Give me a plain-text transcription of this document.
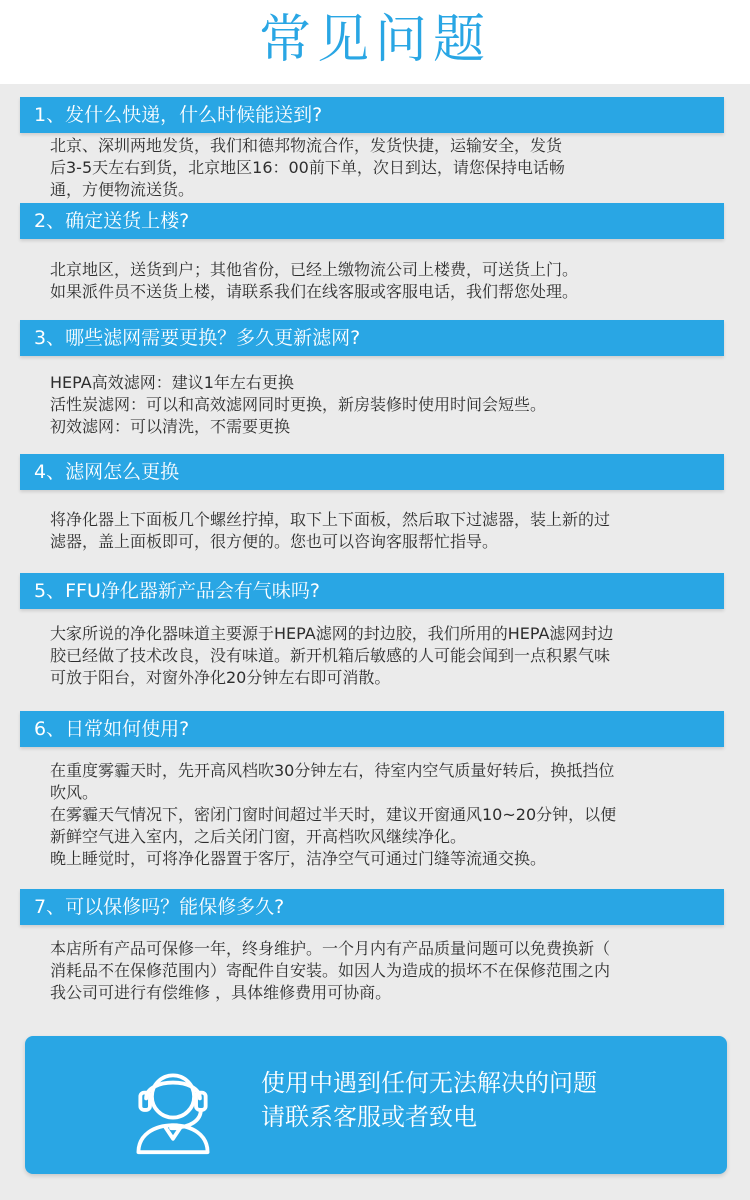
常见问题
1、发什么快递，什么时候能送到?

北京、深圳两地发货，我们和德邦物流合作，发货快捷，运输安全，发货

后3-5天左右到货，北京地区16：00前下单，次日到达，请您保持电话畅

通，方便物流送货。

2、确定送货上楼?

北京地区，送货到户；其他省份，已经上缴物流公司上楼费，可送货上门。

如果派件员不送货上楼，请联系我们在线客服或客服电话，我们帮您处理。

3、哪些滤网需要更换？多久更新滤网?

HEPA高效滤网：建议1年左右更换

活性炭滤网：可以和高效滤网同时更换，新房装修时使用时间会短些。

初效滤网：可以清洗，不需要更换

4、滤网怎么更换

将净化器上下面板几个螺丝拧掉，取下上下面板，然后取下过滤器，装上新的过

滤器，盖上面板即可，很方便的。您也可以咨询客服帮忙指导。

5、FFU净化器新产品会有气味吗?

大家所说的净化器味道主要源于HEPA滤网的封边胶，我们所用的HEPA滤网封边

胶已经做了技术改良，没有味道。新开机箱后敏感的人可能会闻到一点积累气味

可放于阳台，对窗外净化20分钟左右即可消散。

6、日常如何使用?

在重度雾霾天时，先开高风档吹30分钟左右，待室内空气质量好转后，换抵挡位

吹风。

在雾霾天气情况下，密闭门窗时间超过半天时，建议开窗通风10~20分钟，以便

新鲜空气进入室内，之后关闭门窗，开高档吹风继续净化。

晚上睡觉时，可将净化器置于客厅，洁净空气可通过门缝等流通交换。

7、可以保修吗？能保修多久?

本店所有产品可保修一年，终身维护。一个月内有产品质量问题可以免费换新（

消耗品不在保修范围内）寄配件自安装。如因人为造成的损坏不在保修范围之内

我公司可进行有偿维修 ，具体维修费用可协商。

使用中遇到任何无法解决的问题
请联系客服或者致电
